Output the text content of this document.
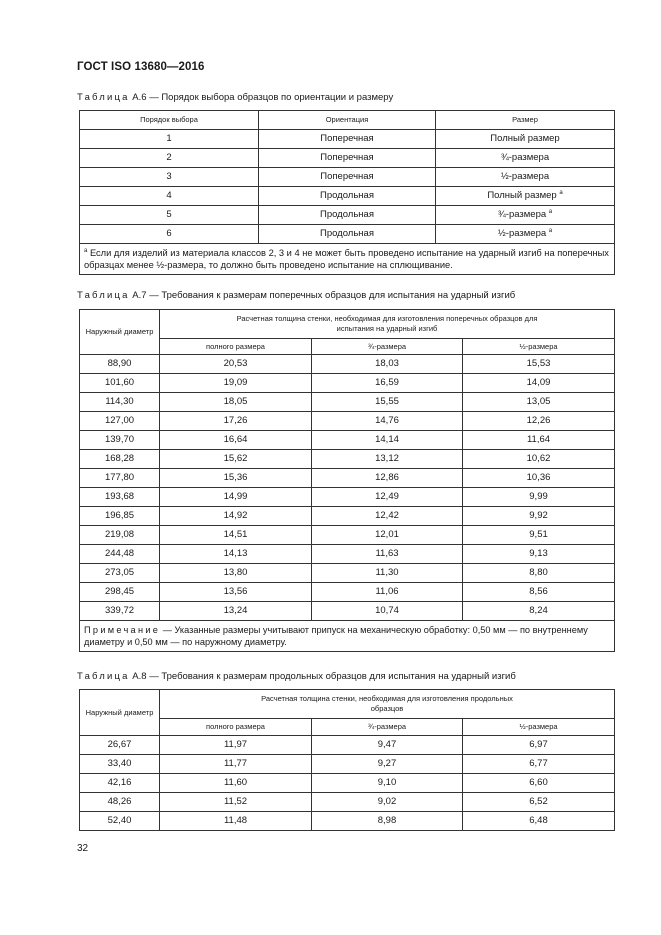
ГОСТ ISO 13680—2016
Таблица А.6 — Порядок выбора образцов по ориентации и размеру
Порядок выбора	Ориентация	Размер
1	Поперечная	Полный размер
2	Поперечная	¾-размера
3	Поперечная	½-размера
4	Продольная	Полный размер $^a$
5	Продольная	¾-размера $^a$
6	Продольная	½-размера $^a$
$^a$ Если для изделий из материала классов 2, 3 и 4 не может быть проведено испытание на ударный изгиб на поперечных образцах менее ½-размера, то должно быть проведено испытание на сплющивание.		
Таблица А.7 — Требования к размерам поперечных образцов для испытания на ударный изгиб
Наружный диаметр	Расчетная толщина стенки, необходимая для изготовления поперечных образцов для испытания на ударный изгиб		
	полного размера	¾-размера	½-размера
88,90	20,53	18,03	15,53
101,60	19,09	16,59	14,09
114,30	18,05	15,55	13,05
127,00	17,26	14,76	12,26
139,70	16,64	14,14	11,64
168,28	15,62	13,12	10,62
177,80	15,36	12,86	10,36
193,68	14,99	12,49	9,99
196,85	14,92	12,42	9,92
219,08	14,51	12,01	9,51
244,48	14,13	11,63	9,13
273,05	13,80	11,30	8,80
298,45	13,56	11,06	8,56
339,72	13,24	10,74	8,24
Примечание — Указанные размеры учитывают припуск на механическую обработку: 0,50 мм — по внутреннему диаметру и 0,50 мм — по наружному диаметру.			
Таблица А.8 — Требования к размерам продольных образцов для испытания на ударный изгиб
Наружный диаметр	Расчетная толщина стенки, необходимая для изготовления продольных образцов		
	полного размера	¾-размера	½-размера
26,67	11,97	9,47	6,97
33,40	11,77	9,27	6,77
42,16	11,60	9,10	6,60
48,26	11,52	9,02	6,52
52,40	11,48	8,98	6,48
32
